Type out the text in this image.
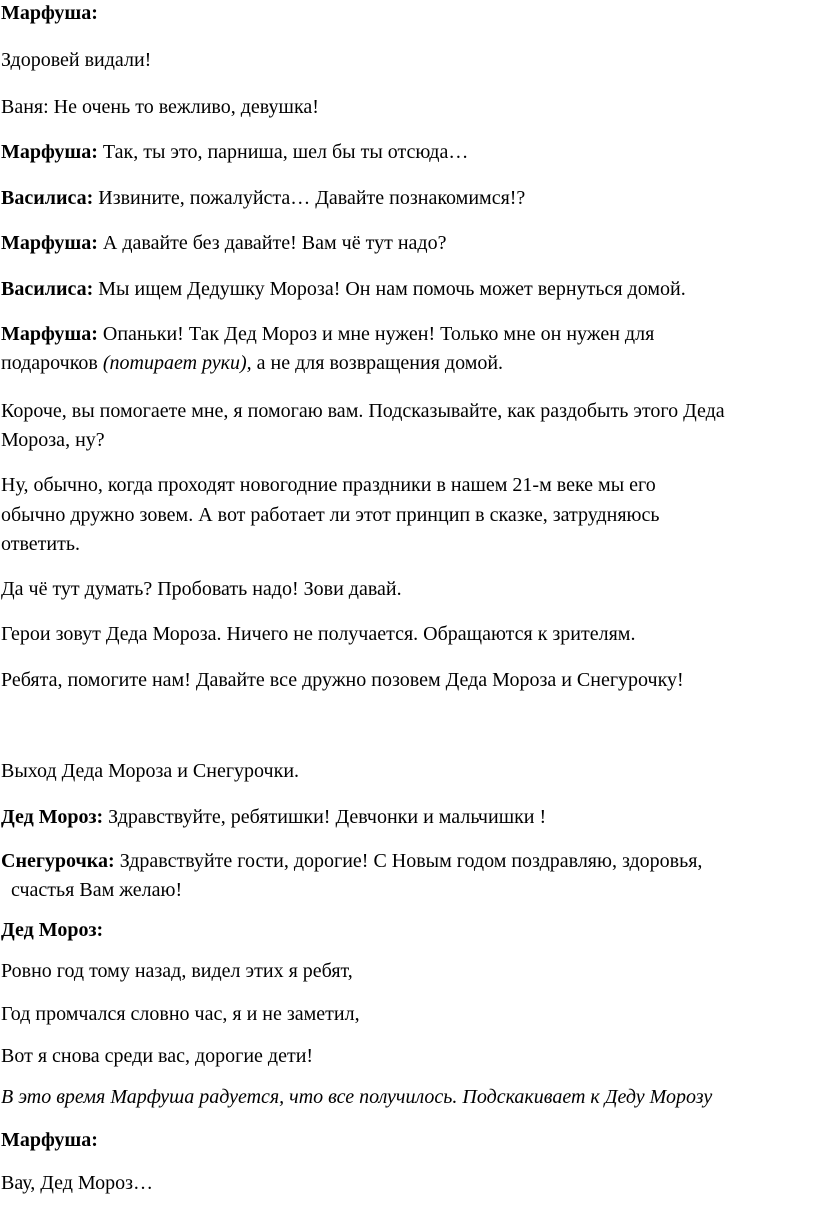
Марфуша:

Здоровей видали!

Ваня: Не очень то вежливо, девушка!

Марфуша: Так, ты это, парниша, шел бы ты отсюда…

Василиса: Извините, пожалуйста… Давайте познакомимся!?

Марфуша: А давайте без давайте! Вам чё тут надо?

Василиса: Мы ищем Дедушку Мороза! Он нам помочь может вернуться домой.

Марфуша: Опаньки! Так Дед Мороз и мне нужен! Только мне он нужен для

подарочков (потирает руки), а не для возвращения домой.

Короче, вы помогаете мне, я помогаю вам. Подсказывайте, как раздобыть этого Деда

Мороза, ну?

Ну, обычно, когда проходят новогодние праздники в нашем 21-м веке мы его

обычно дружно зовем. А вот работает ли этот принцип в сказке, затрудняюсь

ответить.

Да чё тут думать? Пробовать надо! Зови давай.

Герои зовут Деда Мороза. Ничего не получается. Обращаются к зрителям.

Ребята, помогите нам! Давайте все дружно позовем Деда Мороза и Снегурочку!

Выход Деда Мороза и Снегурочки.

Дед Мороз: Здравствуйте, ребятишки! Девчонки и мальчишки !

Снегурочка: Здравствуйте гости, дорогие! С Новым годом поздравляю, здоровья,

счастья Вам желаю!

Дед Мороз:

Ровно год тому назад, видел этих я ребят,

Год промчался словно час, я и не заметил,

Вот я снова среди вас, дорогие дети!

В это время Марфуша радуется, что все получилось. Подскакивает к Деду Морозу

Марфуша:

Вау, Дед Мороз…
